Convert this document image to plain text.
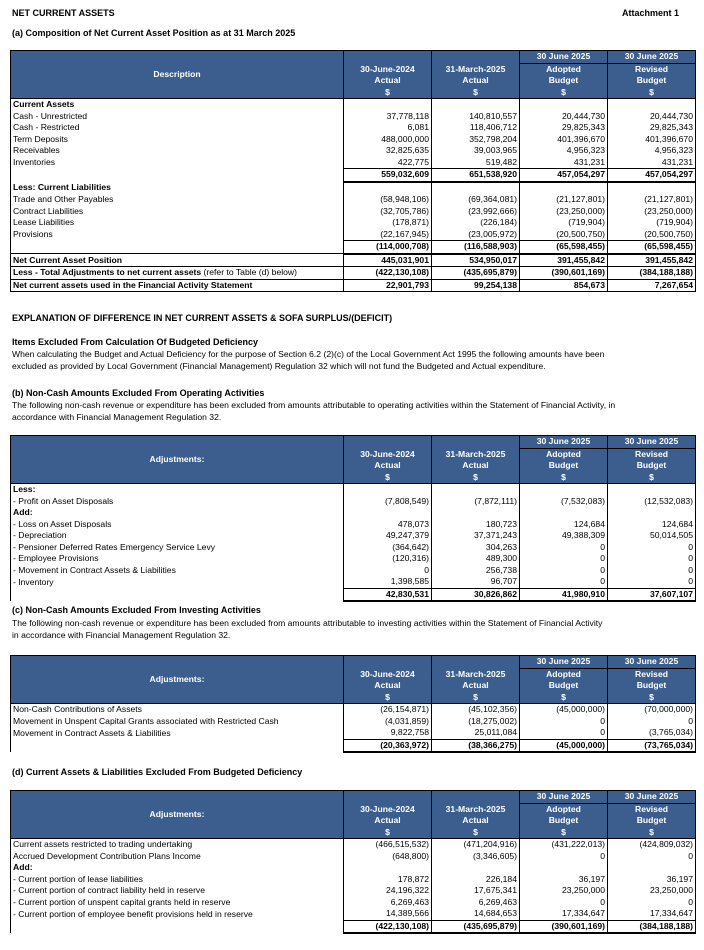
NET CURRENT ASSETS	Attachment 1
(a) Composition of Net Current Asset Position as at 31 March 2025
Description			30 June 2025	30 June 2025
	30-June-2024	31-March-2025	Adopted	Revised
	Actual	Actual	Budget	Budget
	$	$	$	$
Current Assets				
Cash - Unrestricted	37,778,118	140,810,557	20,444,730	20,444,730
Cash - Restricted	6,081	118,406,712	29,825,343	29,825,343
Term Deposits	488,000,000	352,798,204	401,396,670	401,396,670
Receivables	32,825,635	39,003,965	4,956,323	4,956,323
Inventories	422,775	519,482	431,231	431,231
	559,032,609	651,538,920	457,054,297	457,054,297
Less: Current Liabilities				
Trade and Other Payables	(58,948,106)	(69,364,081)	(21,127,801)	(21,127,801)
Contract Liabilities	(32,705,786)	(23,992,666)	(23,250,000)	(23,250,000)
Lease Liabilities	(178,871)	(226,184)	(719,904)	(719,904)
Provisions	(22,167,945)	(23,005,972)	(20,500,750)	(20,500,750)
	(114,000,708)	(116,588,903)	(65,598,455)	(65,598,455)
Net Current Asset Position	445,031,901	534,950,017	391,455,842	391,455,842
Less - Total Adjustments to net current assets (refer to Table (d) below)	(422,130,108)	(435,695,879)	(390,601,169)	(384,188,188)
Net current assets used in the Financial Activity Statement	22,901,793	99,254,138	854,673	7,267,654
EXPLANATION OF DIFFERENCE IN NET CURRENT ASSETS & SOFA SURPLUS/(DEFICIT)
Items Excluded From Calculation Of Budgeted Deficiency
When calculating the Budget and Actual Deficiency for the purpose of Section 6.2 (2)(c) of the Local Government Act 1995 the following amounts have been
excluded as provided by Local Government (Financial Management) Regulation 32 which will not fund the Budgeted and Actual expenditure.
(b) Non-Cash Amounts Excluded From Operating Activities
The following non-cash revenue or expenditure has been excluded from amounts attributable to operating activities within the Statement of Financial Activity, in
accordance with Financial Management Regulation 32.
Adjustments:			30 June 2025	30 June 2025
	30-June-2024	31-March-2025	Adopted	Revised
	Actual	Actual	Budget	Budget
	$	$	$	$
Less:				
- Profit on Asset Disposals	(7,808,549)	(7,872,111)	(7,532,083)	(12,532,083)
Add:				
- Loss on Asset Disposals	478,073	180,723	124,684	124,684
- Depreciation	49,247,379	37,371,243	49,388,309	50,014,505
- Pensioner Deferred Rates Emergency Service Levy	(364,642)	304,263	0	0
- Employee Provisions	(120,316)	489,300	0	0
- Movement in Contract Assets & Liabilities	0	256,738	0	0
- Inventory	1,398,585	96,707	0	0
	42,830,531	30,826,862	41,980,910	37,607,107
(c) Non-Cash Amounts Excluded From Investing Activities
The following non-cash revenue or expenditure has been excluded from amounts attributable to investing activities within the Statement of Financial Activity
in accordance with Financial Management Regulation 32.
Adjustments:			30 June 2025	30 June 2025
	30-June-2024	31-March-2025	Adopted	Revised
	Actual	Actual	Budget	Budget
	$	$	$	$
Non-Cash Contributions of Assets	(26,154,871)	(45,102,356)	(45,000,000)	(70,000,000)
Movement in Unspent Capital Grants associated with Restricted Cash	(4,031,859)	(18,275,002)	0	0
Movement in Contract Assets & Liabilities	9,822,758	25,011,084	0	(3,765,034)
	(20,363,972)	(38,366,275)	(45,000,000)	(73,765,034)
(d) Current Assets & Liabilities Excluded From Budgeted Deficiency
Adjustments:			30 June 2025	30 June 2025
	30-June-2024	31-March-2025	Adopted	Revised
	Actual	Actual	Budget	Budget
	$	$	$	$
Current assets restricted to trading undertaking	(466,515,532)	(471,204,916)	(431,222,013)	(424,809,032)
Accrued Development Contribution Plans Income	(648,800)	(3,346,605)	0	0
Add:				
- Current portion of lease liabilities	178,872	226,184	36,197	36,197
- Current portion of contract liability held in reserve	24,196,322	17,675,341	23,250,000	23,250,000
- Current portion of unspent capital grants held in reserve	6,269,463	6,269,463	0	0
- Current portion of employee benefit provisions held in reserve	14,389,566	14,684,653	17,334,647	17,334,647
	(422,130,108)	(435,695,879)	(390,601,169)	(384,188,188)
